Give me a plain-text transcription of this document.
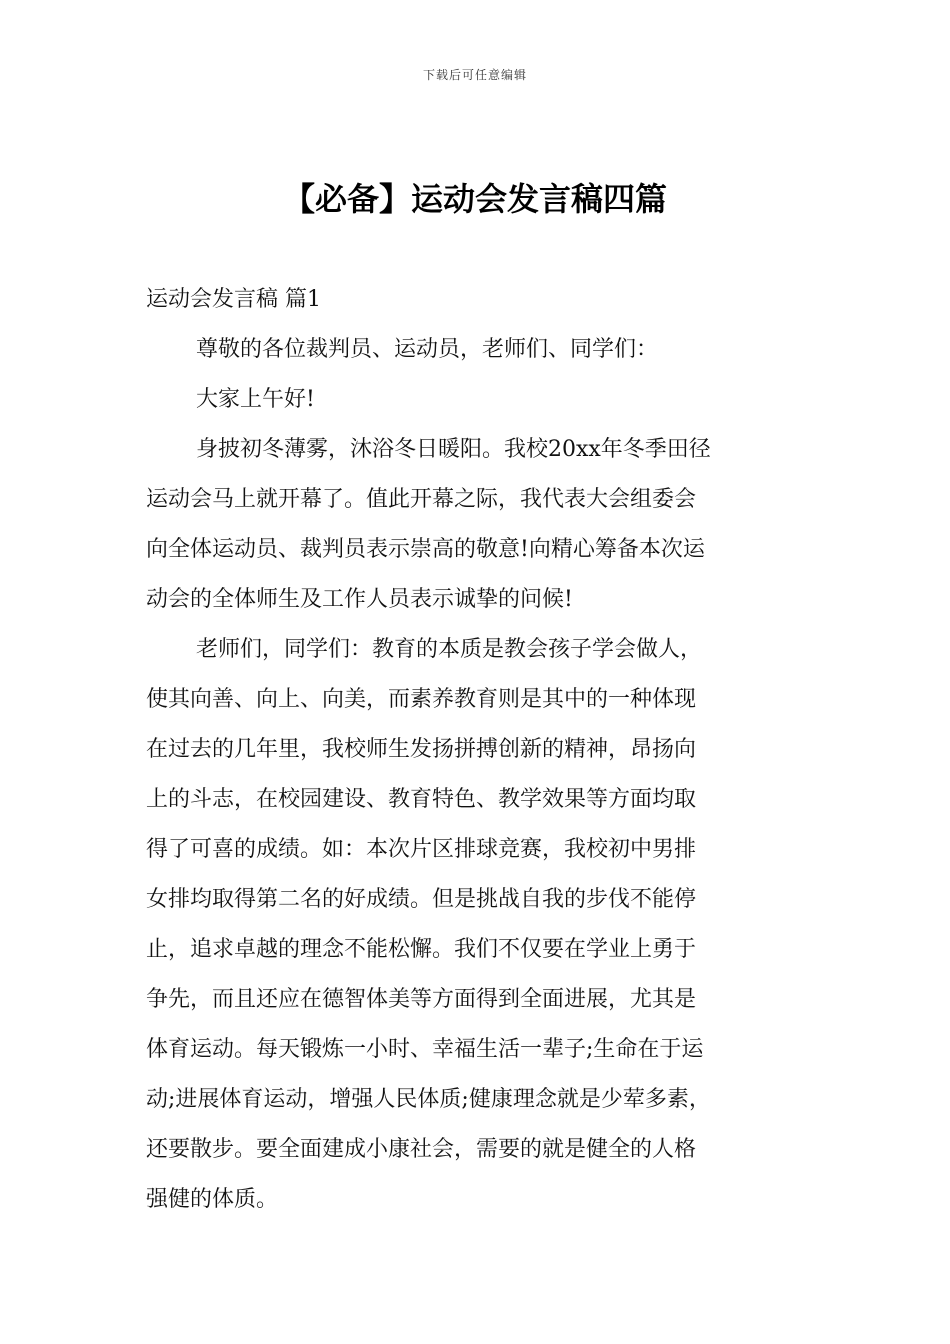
下载后可任意编辑
【必备】运动会发言稿四篇
运动会发言稿 篇1

尊敬的各位裁判员、运动员，老师们、同学们：

大家上午好!

身披初冬薄雾，沐浴冬日暖阳。我校20xx年冬季田径
运动会马上就开幕了。值此开幕之际，我代表大会组委会
向全体运动员、裁判员表示崇高的敬意!向精心筹备本次运
动会的全体师生及工作人员表示诚挚的问候!

老师们，同学们：教育的本质是教会孩子学会做人，
使其向善、向上、向美，而素养教育则是其中的一种体现
在过去的几年里，我校师生发扬拼搏创新的精神，昂扬向
上的斗志，在校园建设、教育特色、教学效果等方面均取
得了可喜的成绩。如：本次片区排球竞赛，我校初中男排
女排均取得第二名的好成绩。但是挑战自我的步伐不能停
止，追求卓越的理念不能松懈。我们不仅要在学业上勇于
争先，而且还应在德智体美等方面得到全面进展，尤其是
体育运动。每天锻炼一小时、幸福生活一辈子;生命在于运
动;进展体育运动，增强人民体质;健康理念就是少荤多素，
还要散步。要全面建成小康社会，需要的就是健全的人格
强健的体质。
